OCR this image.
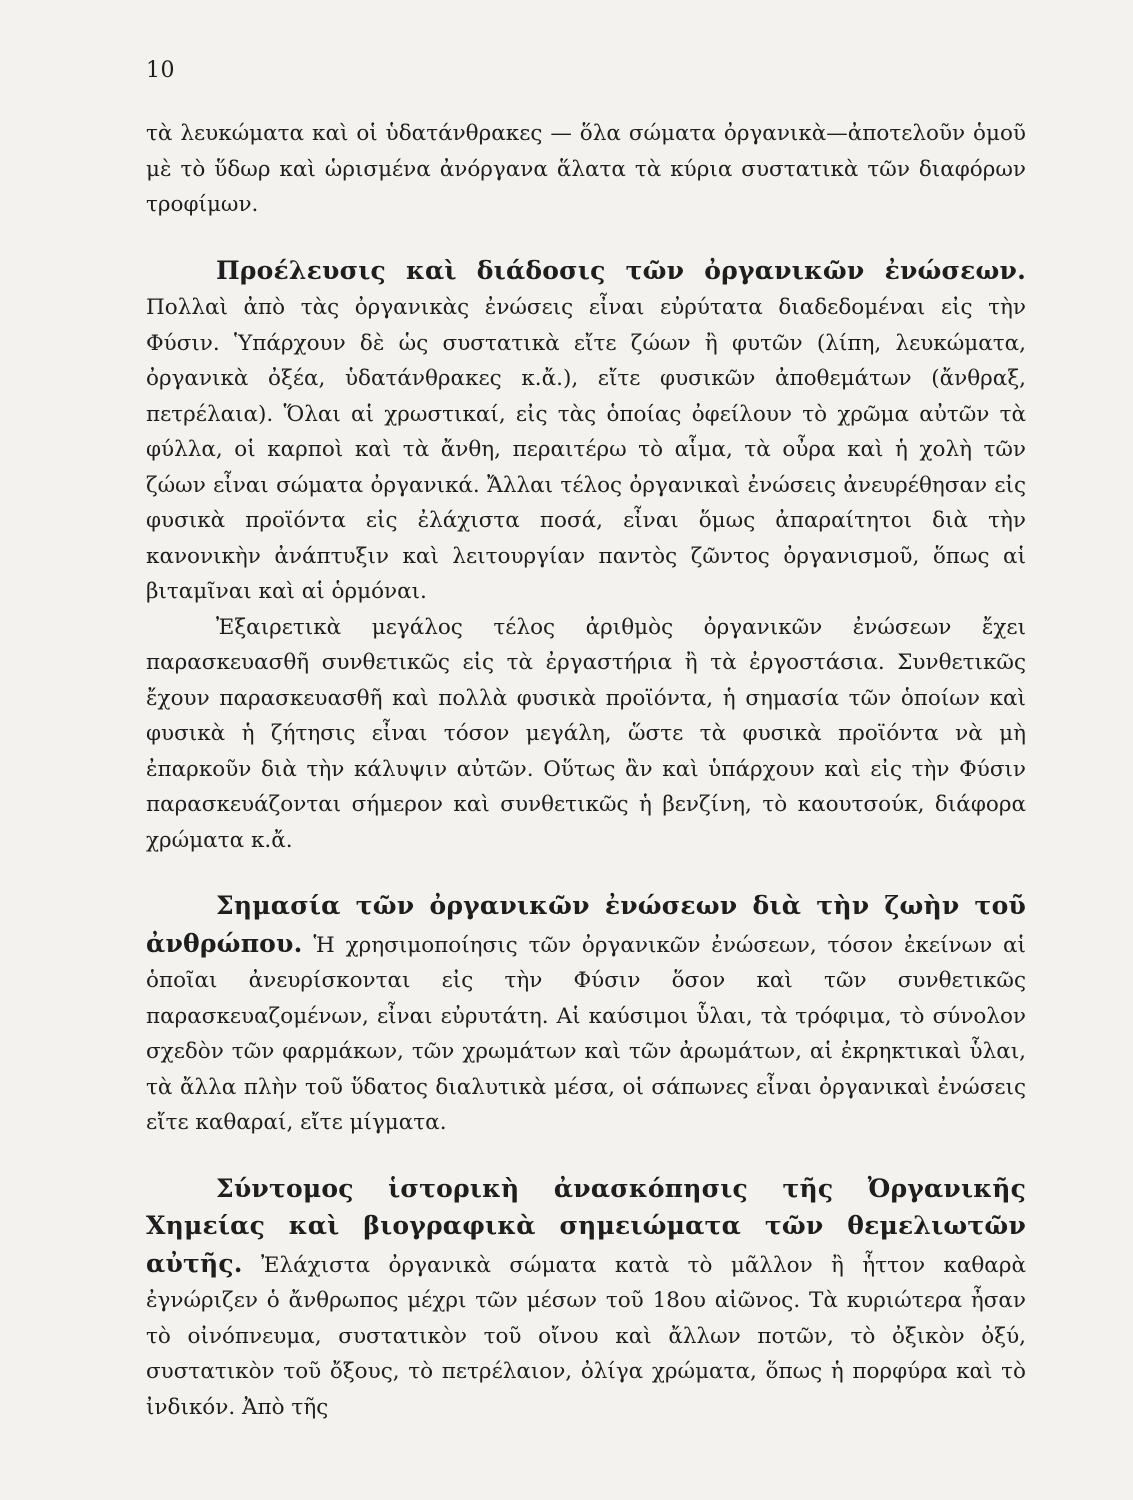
10

τὰ λευκώματα καὶ οἱ ὑδατάνθρακες — ὅλα σώματα ὀργανικὰ—ἀποτελοῦν ὁμοῦ μὲ τὸ ὕδωρ καὶ ὡρισμένα ἀνόργανα ἅλατα τὰ κύρια συστατικὰ τῶν διαφόρων τροφίμων.

Προέλευσις καὶ διάδοσις τῶν ὀργανικῶν ἐνώσεων. Πολλαὶ ἀπὸ τὰς ὀργανικὰς ἐνώσεις εἶναι εὐρύτατα διαδεδομέναι εἰς τὴν Φύσιν. Ὑπάρχουν δὲ ὡς συστατικὰ εἴτε ζώων ἢ φυτῶν (λίπη, λευκώματα, ὀργανικὰ ὀξέα, ὑδατάνθρακες κ.ἄ.), εἴτε φυσικῶν ἀποθεμάτων (ἄνθραξ, πετρέλαια). Ὅλαι αἱ χρωστικαί, εἰς τὰς ὁποίας ὀφείλουν τὸ χρῶμα αὐτῶν τὰ φύλλα, οἱ καρποὶ καὶ τὰ ἄνθη, περαιτέρω τὸ αἷμα, τὰ οὖρα καὶ ἡ χολὴ τῶν ζώων εἶναι σώματα ὀργανικά. Ἄλλαι τέλος ὀργανικαὶ ἐνώσεις ἀνευρέθησαν εἰς φυσικὰ προϊόντα εἰς ἐλάχιστα ποσά, εἶναι ὅμως ἀπαραίτητοι διὰ τὴν κανονικὴν ἀνάπτυξιν καὶ λειτουργίαν παντὸς ζῶντος ὀργανισμοῦ, ὅπως αἱ βιταμῖναι καὶ αἱ ὁρμόναι.

Ἐξαιρετικὰ μεγάλος τέλος ἀριθμὸς ὀργανικῶν ἐνώσεων ἔχει παρασκευασθῆ συνθετικῶς εἰς τὰ ἐργαστήρια ἢ τὰ ἐργοστάσια. Συνθετικῶς ἔχουν παρασκευασθῆ καὶ πολλὰ φυσικὰ προϊόντα, ἡ σημασία τῶν ὁποίων καὶ φυσικὰ ἡ ζήτησις εἶναι τόσον μεγάλη, ὥστε τὰ φυσικὰ προϊόντα νὰ μὴ ἐπαρκοῦν διὰ τὴν κάλυψιν αὐτῶν. Οὕτως ἂν καὶ ὑπάρχουν καὶ εἰς τὴν Φύσιν παρασκευάζονται σήμερον καὶ συνθετικῶς ἡ βενζίνη, τὸ καουτσούκ, διάφορα χρώματα κ.ἄ.

Σημασία τῶν ὀργανικῶν ἐνώσεων διὰ τὴν ζωὴν τοῦ ἀνθρώπου. Ἡ χρησιμοποίησις τῶν ὀργανικῶν ἐνώσεων, τόσον ἐκείνων αἱ ὁποῖαι ἀνευρίσκονται εἰς τὴν Φύσιν ὅσον καὶ τῶν συνθετικῶς παρασκευαζομένων, εἶναι εὐρυτάτη. Αἱ καύσιμοι ὗλαι, τὰ τρόφιμα, τὸ σύνολον σχεδὸν τῶν φαρμάκων, τῶν χρωμάτων καὶ τῶν ἀρωμάτων, αἱ ἐκρηκτικαὶ ὗλαι, τὰ ἄλλα πλὴν τοῦ ὕδατος διαλυτικὰ μέσα, οἱ σάπωνες εἶναι ὀργανικαὶ ἐνώσεις εἴτε καθαραί, εἴτε μίγματα.

Σύντομος ἱστορικὴ ἀνασκόπησις τῆς Ὀργανικῆς Χημείας καὶ βιογραφικὰ σημειώματα τῶν θεμελιωτῶν αὐτῆς. Ἐλάχιστα ὀργανικὰ σώματα κατὰ τὸ μᾶλλον ἢ ἧττον καθαρὰ ἐγνώριζεν ὁ ἄνθρωπος μέχρι τῶν μέσων τοῦ 18ου αἰῶνος. Τὰ κυριώτερα ἦσαν τὸ οἰνόπνευμα, συστατικὸν τοῦ οἴνου καὶ ἄλλων ποτῶν, τὸ ὀξικὸν ὀξύ, συστατικὸν τοῦ ὄξους, τὸ πετρέλαιον, ὀλίγα χρώματα, ὅπως ἡ πορφύρα καὶ τὸ ἰνδικόν. Ἀπὸ τῆς
